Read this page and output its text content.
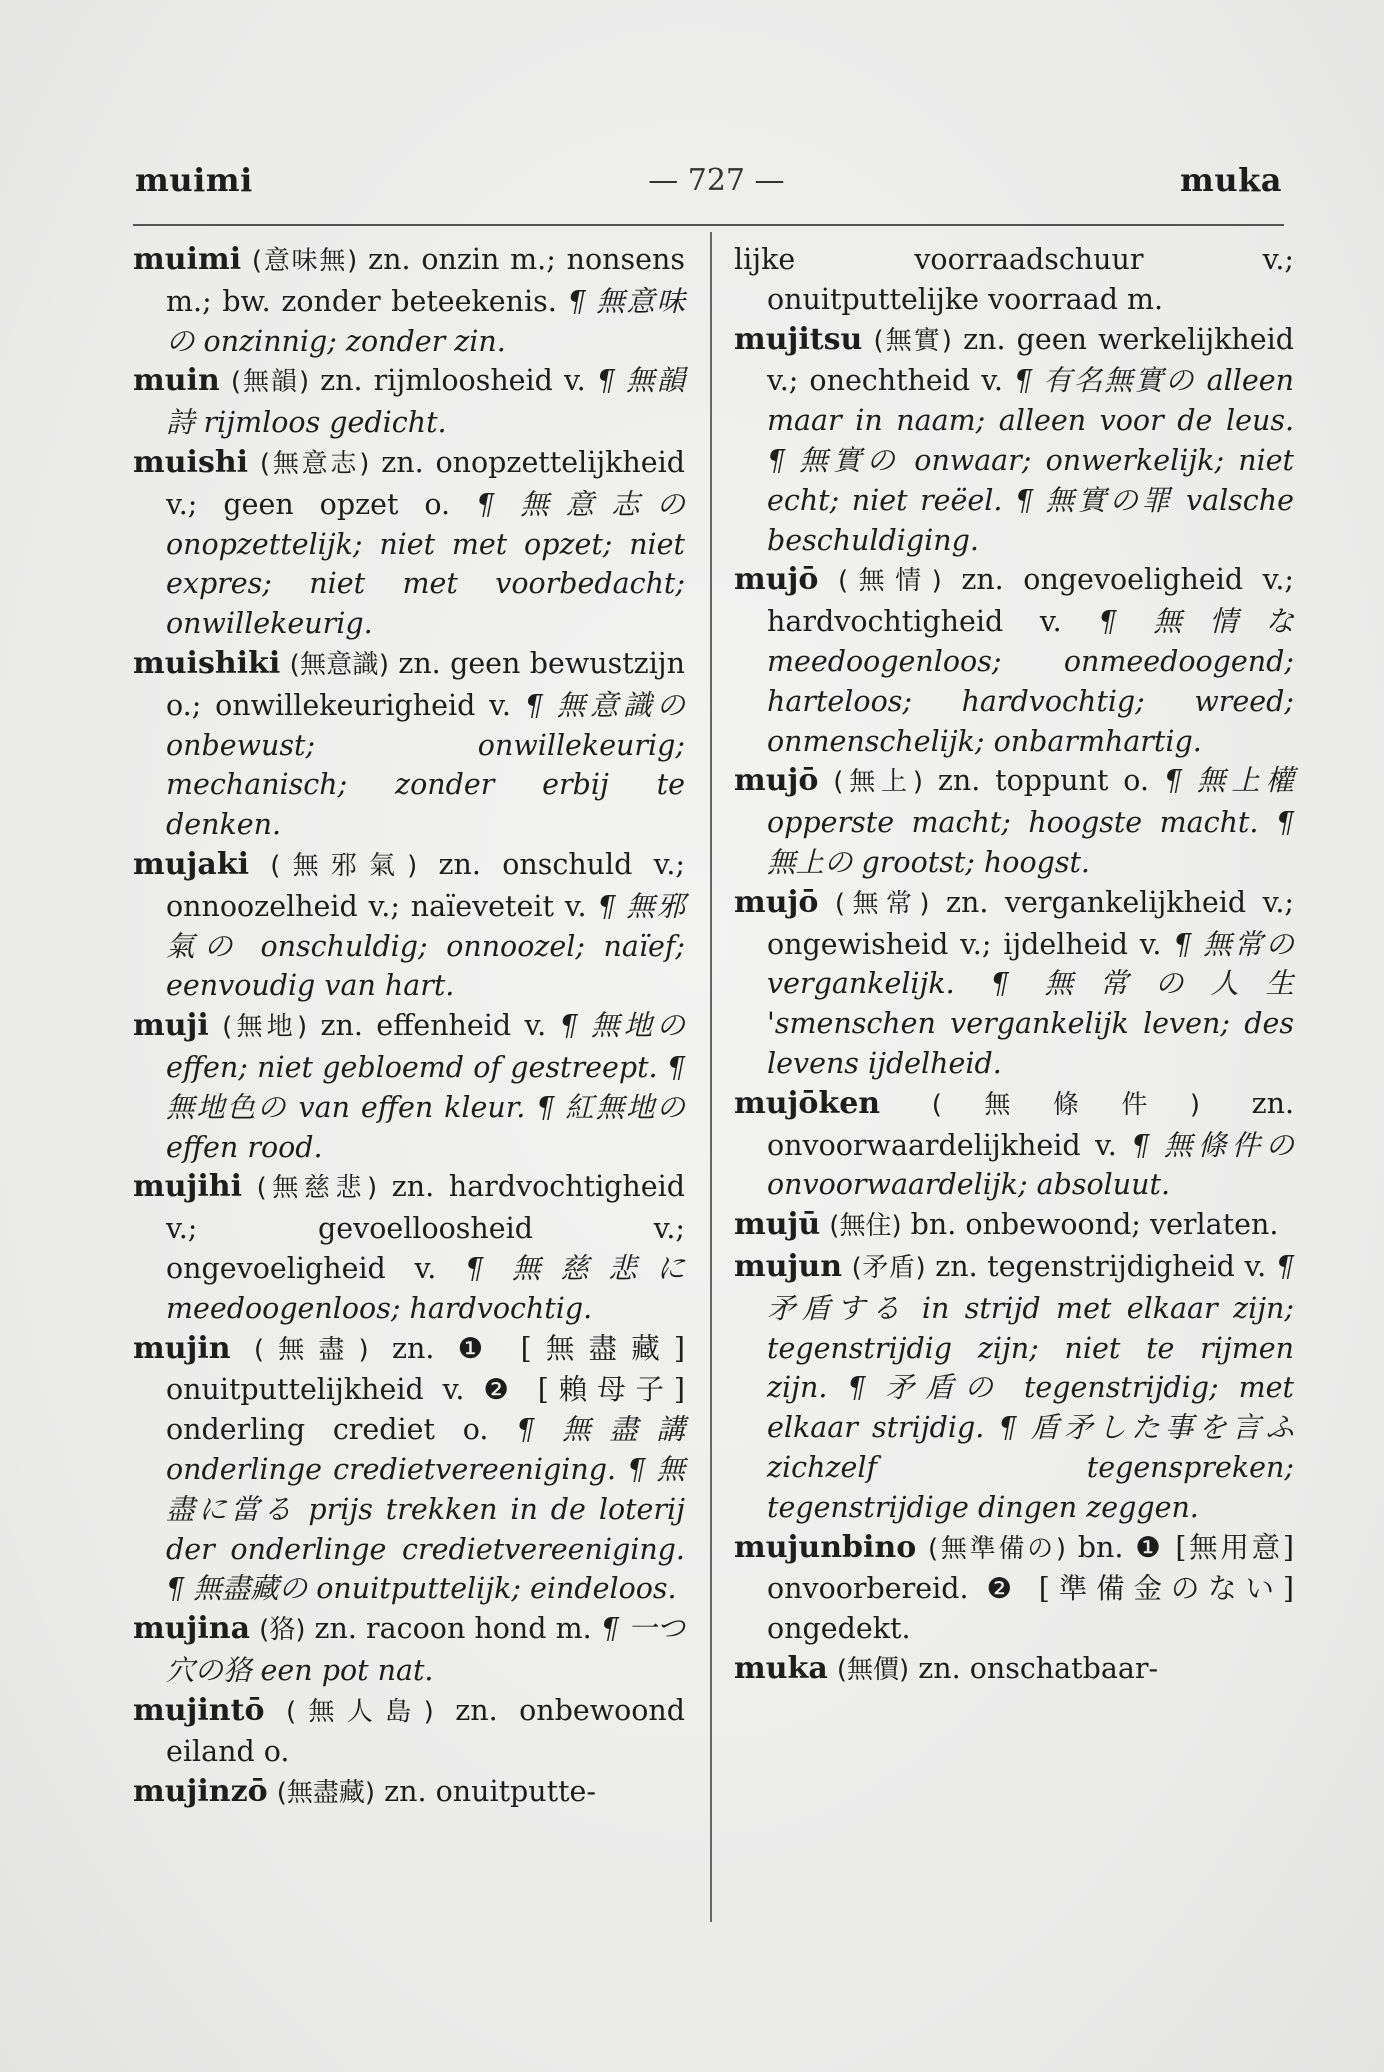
muimi	— 727 —	muka

muimi (意味無) zn. onzin m.; nonsens m.; bw. zonder beteekenis. ¶ 無意味の onzinnig; zonder zin.

muin (無韻) zn. rijmloosheid v. ¶ 無韻詩 rijmloos gedicht.

muishi (無意志) zn. onopzettelijkheid v.; geen opzet o. ¶ 無意志の onopzettelijk; niet met opzet; niet expres; niet met voorbedacht; onwillekeurig.

muishiki (無意識) zn. geen bewustzijn o.; onwillekeurigheid v. ¶ 無意識の onbewust; onwillekeurig; mechanisch; zonder erbij te denken.

mujaki (無邪氣) zn. onschuld v.; onnoozelheid v.; naïeveteit v. ¶ 無邪氣の onschuldig; onnoozel; naïef; eenvoudig van hart.

muji (無地) zn. effenheid v. ¶ 無地の effen; niet gebloemd of gestreept. ¶ 無地色の van effen kleur. ¶ 紅無地の effen rood.

mujihi (無慈悲) zn. hardvochtigheid v.; gevoelloosheid v.; ongevoeligheid v. ¶ 無慈悲に meedoogenloos; hardvochtig.

mujin (無盡) zn. ❶ [無盡藏] onuitputtelijkheid v. ❷ [賴母子] onderling crediet o. ¶ 無盡講 onderlinge credietvereeniging. ¶ 無盡に當る prijs trekken in de loterij der onderlinge credietvereeniging. ¶ 無盡藏の onuitputtelijk; eindeloos.

mujina (狢) zn. racoon hond m. ¶ 一つ穴の狢 een pot nat.

mujintō (無人島) zn. onbewoond eiland o.

mujinzō (無盡藏) zn. onuitputte-

lijke voorraadschuur v.; onuitputtelijke voorraad m.

mujitsu (無實) zn. geen werkelijkheid v.; onechtheid v. ¶ 有名無實の alleen maar in naam; alleen voor de leus. ¶ 無實の onwaar; onwerkelijk; niet echt; niet reëel. ¶ 無實の罪 valsche beschuldiging.

mujō (無情) zn. ongevoeligheid v.; hardvochtigheid v. ¶ 無情な meedoogenloos; onmeedoogend; harteloos; hardvochtig; wreed; onmenschelijk; onbarmhartig.

mujō (無上) zn. toppunt o. ¶ 無上權 opperste macht; hoogste macht. ¶ 無上の grootst; hoogst.

mujō (無常) zn. vergankelijkheid v.; ongewisheid v.; ijdelheid v. ¶ 無常の vergankelijk. ¶ 無常の人生 'smenschen vergankelijk leven; des levens ijdelheid.

mujōken (無條件) zn. onvoorwaardelijkheid v. ¶ 無條件の onvoorwaardelijk; absoluut.

mujū (無住) bn. onbewoond; verlaten.

mujun (矛盾) zn. tegenstrijdigheid v. ¶ 矛盾する in strijd met elkaar zijn; tegenstrijdig zijn; niet te rijmen zijn. ¶ 矛盾の tegenstrijdig; met elkaar strijdig. ¶ 盾矛した事を言ふ zichzelf tegenspreken; tegenstrijdige dingen zeggen.

mujunbino (無準備の) bn. ❶ [無用意] onvoorbereid. ❷ [準備金のない] ongedekt.

muka (無價) zn. onschatbaar-
